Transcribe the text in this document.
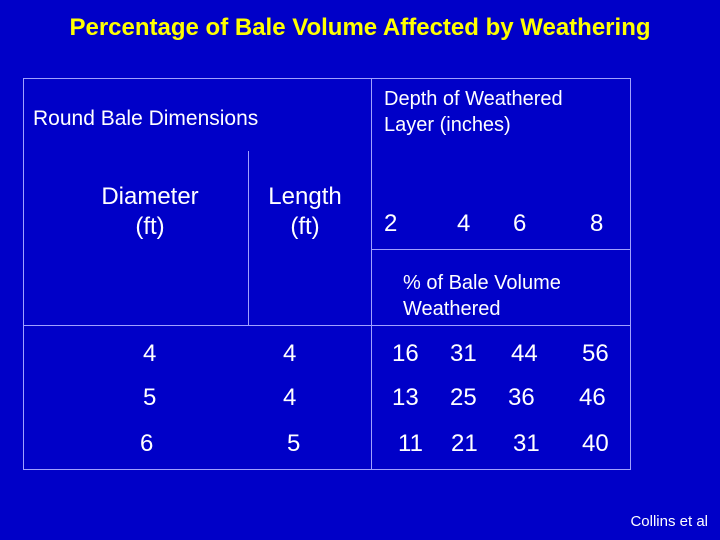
Percentage of Bale Volume Affected by Weathering
Round Bale Dimensions
Diameter
(ft)
Length
(ft)
Depth of Weathered
Layer (inches)
2 4 6	8
% of Bale Volume
Weathered
4	4	16 31 44 56
5	4	13 25 36 46
6	5	11 21 31 40
Collins et al
